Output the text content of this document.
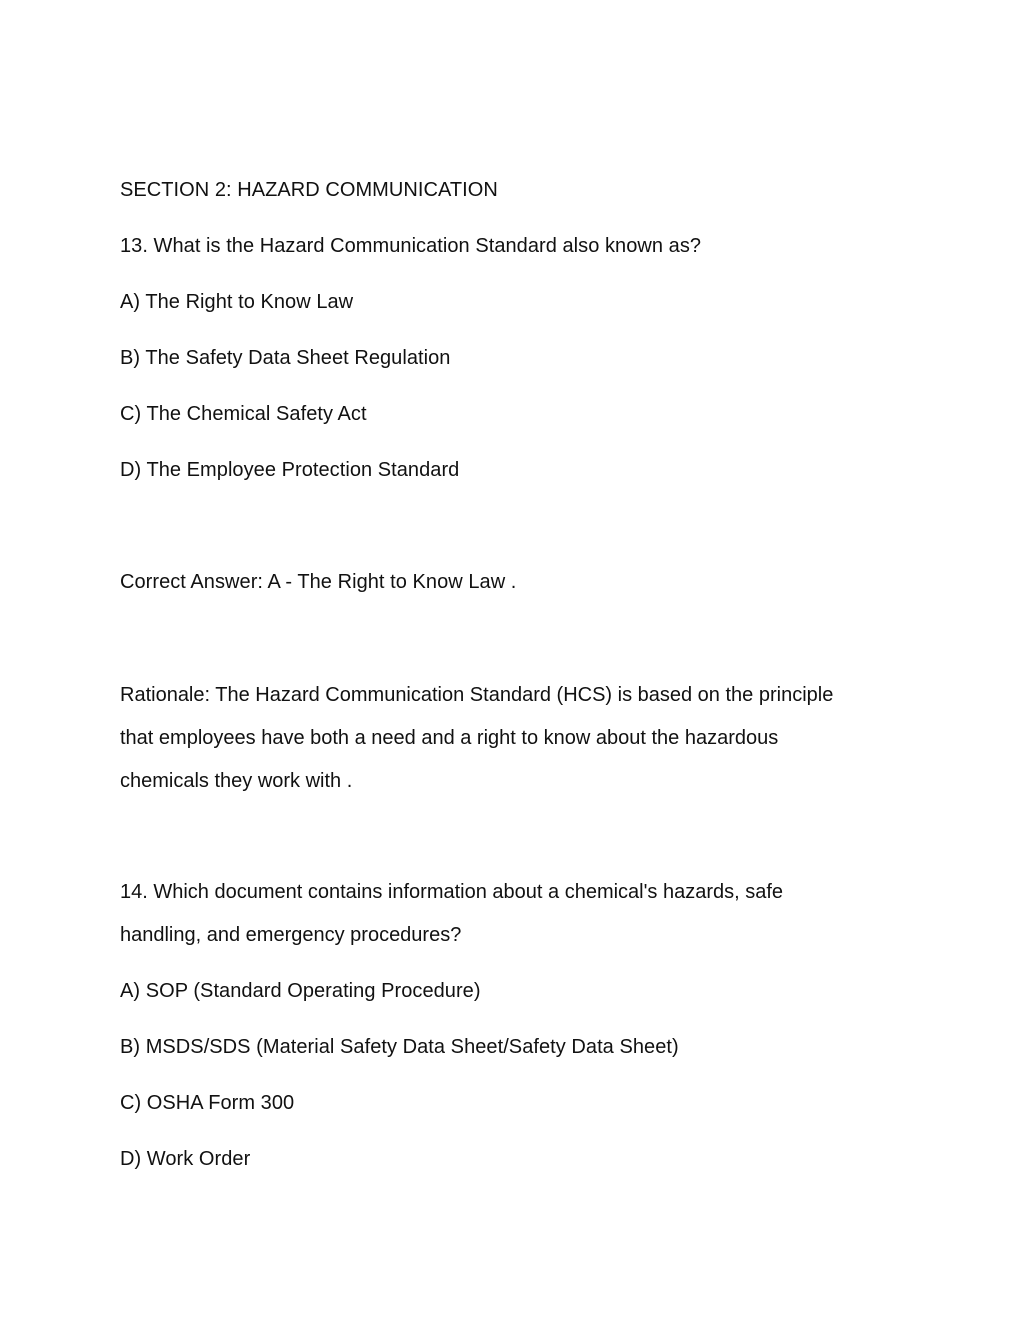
SECTION 2: HAZARD COMMUNICATION
13. What is the Hazard Communication Standard also known as?
A) The Right to Know Law
B) The Safety Data Sheet Regulation
C) The Chemical Safety Act
D) The Employee Protection Standard
Correct Answer: A - The Right to Know Law .
Rationale: The Hazard Communication Standard (HCS) is based on the principle
that employees have both a need and a right to know about the hazardous
chemicals they work with .
14. Which document contains information about a chemical's hazards, safe
handling, and emergency procedures?
A) SOP (Standard Operating Procedure)
B) MSDS/SDS (Material Safety Data Sheet/Safety Data Sheet)
C) OSHA Form 300
D) Work Order
